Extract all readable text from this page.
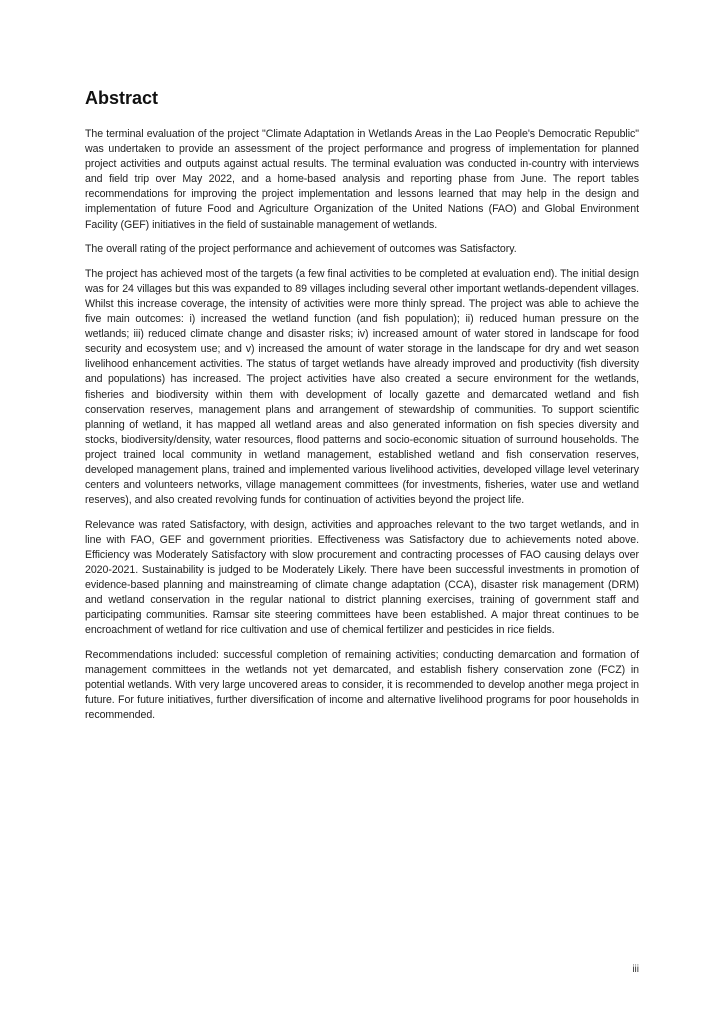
Abstract

The terminal evaluation of the project "Climate Adaptation in Wetlands Areas in the Lao People's Democratic Republic" was undertaken to provide an assessment of the project performance and progress of implementation for planned project activities and outputs against actual results. The terminal evaluation was conducted in-country with interviews and field trip over May 2022, and a home-based analysis and reporting phase from June. The report tables recommendations for improving the project implementation and lessons learned that may help in the design and implementation of future Food and Agriculture Organization of the United Nations (FAO) and Global Environment Facility (GEF) initiatives in the field of sustainable management of wetlands.

The overall rating of the project performance and achievement of outcomes was Satisfactory.

The project has achieved most of the targets (a few final activities to be completed at evaluation end). The initial design was for 24 villages but this was expanded to 89 villages including several other important wetlands-dependent villages. Whilst this increase coverage, the intensity of activities were more thinly spread. The project was able to achieve the five main outcomes: i) increased the wetland function (and fish population); ii) reduced human pressure on the wetlands; iii) reduced climate change and disaster risks; iv) increased amount of water stored in landscape for food security and ecosystem use; and v) increased the amount of water storage in the landscape for dry and wet season livelihood enhancement activities. The status of target wetlands have already improved and productivity (fish diversity and populations) has increased. The project activities have also created a secure environment for the wetlands, fisheries and biodiversity within them with development of locally gazette and demarcated wetland and fish conservation reserves, management plans and arrangement of stewardship of communities. To support scientific planning of wetland, it has mapped all wetland areas and also generated information on fish species diversity and stocks, biodiversity/density, water resources, flood patterns and socio-economic situation of surround households. The project trained local community in wetland management, established wetland and fish conservation reserves, developed management plans, trained and implemented various livelihood activities, developed village level veterinary centers and volunteers networks, village management committees (for investments, fisheries, water use and wetland reserves), and also created revolving funds for continuation of activities beyond the project life.

Relevance was rated Satisfactory, with design, activities and approaches relevant to the two target wetlands, and in line with FAO, GEF and government priorities. Effectiveness was Satisfactory due to achievements noted above. Efficiency was Moderately Satisfactory with slow procurement and contracting processes of FAO causing delays over 2020-2021. Sustainability is judged to be Moderately Likely. There have been successful investments in promotion of evidence-based planning and mainstreaming of climate change adaptation (CCA), disaster risk management (DRM) and wetland conservation in the regular national to district planning exercises, training of government staff and participating communities. Ramsar site steering committees have been established. A major threat continues to be encroachment of wetland for rice cultivation and use of chemical fertilizer and pesticides in rice fields.

Recommendations included: successful completion of remaining activities; conducting demarcation and formation of management committees in the wetlands not yet demarcated, and establish fishery conservation zone (FCZ) in potential wetlands. With very large uncovered areas to consider, it is recommended to develop another mega project in future. For future initiatives, further diversification of income and alternative livelihood programs for poor households in recommended.

iii
